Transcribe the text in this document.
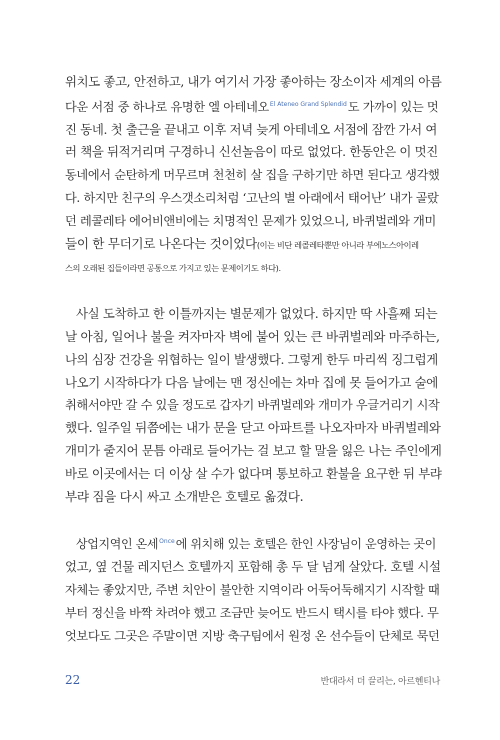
위치도 좋고, 안전하고, 내가 여기서 가장 좋아하는 장소이자 세계의 아름
다운 서점 중 하나로 유명한 엘 아테네오$^{El Ateneo Grand Splendid}$도 가까이 있는 멋
진 동네. 첫 출근을 끝내고 이후 저녁 늦게 아테네오 서점에 잠깐 가서 여
러 책을 뒤적거리며 구경하니 신선놀음이 따로 없었다. 한동안은 이 멋진
동네에서 순탄하게 머무르며 천천히 살 집을 구하기만 하면 된다고 생각했
다. 하지만 친구의 우스갯소리처럼 ‘고난의 별 아래에서 태어난’ 내가 골랐
던 레콜레타 에어비앤비에는 치명적인 문제가 있었으니, 바퀴벌레와 개미
들이 한 무더기로 나온다는 것이었다(이는 비단 레콜레타뿐만 아니라 부에노스아이레
스의 오래된 집들이라면 공통으로 가지고 있는 문제이기도 하다).
사실 도착하고 한 이틀까지는 별문제가 없었다. 하지만 딱 사흘째 되는
날 아침, 일어나 불을 켜자마자 벽에 붙어 있는 큰 바퀴벌레와 마주하는,
나의 심장 건강을 위협하는 일이 발생했다. 그렇게 한두 마리씩 징그럽게
나오기 시작하다가 다음 날에는 맨 정신에는 차마 집에 못 들어가고 술에
취해서야만 갈 수 있을 정도로 갑자기 바퀴벌레와 개미가 우글거리기 시작
했다. 일주일 뒤쯤에는 내가 문을 닫고 아파트를 나오자마자 바퀴벌레와
개미가 줄지어 문틈 아래로 들어가는 걸 보고 할 말을 잃은 나는 주인에게
바로 이곳에서는 더 이상 살 수가 없다며 통보하고 환불을 요구한 뒤 부랴
부랴 짐을 다시 싸고 소개받은 호텔로 옮겼다.
상업지역인 온세$^{Once}$에 위치해 있는 호텔은 한인 사장님이 운영하는 곳이
었고, 옆 건물 레지던스 호텔까지 포함해 총 두 달 넘게 살았다. 호텔 시설
자체는 좋았지만, 주변 치안이 불안한 지역이라 어둑어둑해지기 시작할 때
부터 정신을 바짝 차려야 했고 조금만 늦어도 반드시 택시를 타야 했다. 무
엇보다도 그곳은 주말이면 지방 축구팀에서 원정 온 선수들이 단체로 묵던
22	반대라서 더 끌리는, 아르헨티나
